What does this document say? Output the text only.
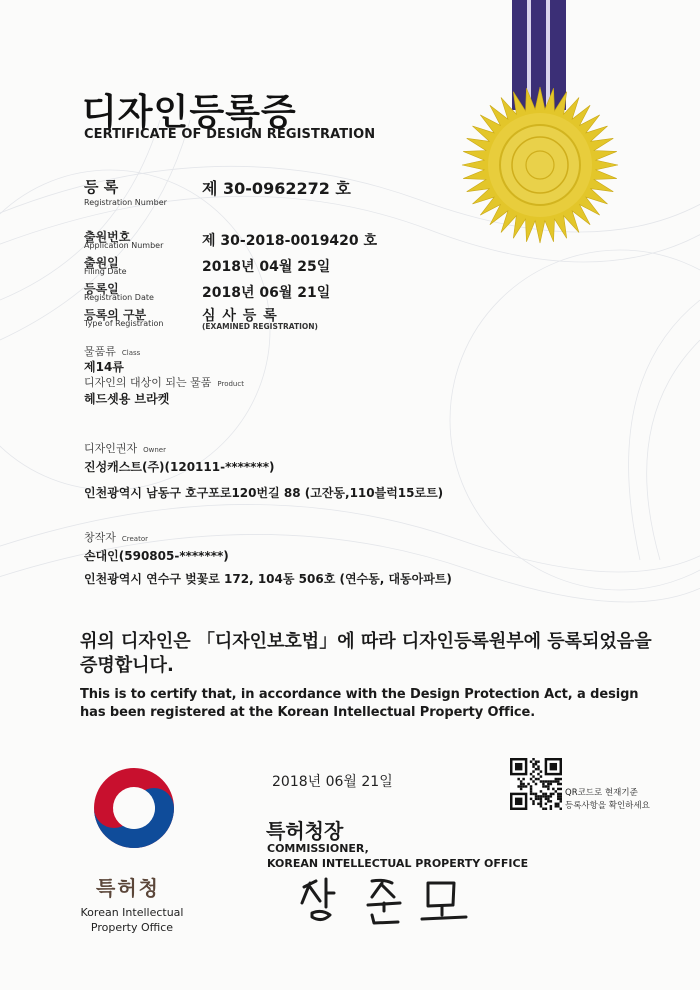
디자인등록증
CERTIFICATE OF DESIGN REGISTRATION
등 록
Registration Number
제 30-0962272 호
출원번호
Application Number	제 30-2018-0019420 호
출원일
Filing Date	2018년 04월 25일
등록일
Registration Date	2018년 06월 21일
등록의 구분
Type of Registration	심 사 등 록
(EXAMINED REGISTRATION)
물품류 Class
제14류
디자인의 대상이 되는 물품 Product
헤드셋용 브라켓
디자인권자 Owner
진성캐스트(주)(120111-*******)
인천광역시 남동구 호구포로120번길 88 (고잔동,110블럭15로트)
창작자 Creator
손대인(590805-*******)
인천광역시 연수구 벚꽃로 172, 104동 506호 (연수동, 대동아파트)
위의 디자인은 「디자인보호법」에 따라 디자인등록원부에 등록되었음을 증명합니다.
This is to certify that, in accordance with the Design Protection Act, a design has been registered at the Korean Intellectual Property Office.
2018년 06월 21일
QR코드로 현재기준
등록사항을 확인하세요
특허청장
COMMISSIONER,
KOREAN INTELLECTUAL PROPERTY OFFICE
특허청
Korean Intellectual Property Office
